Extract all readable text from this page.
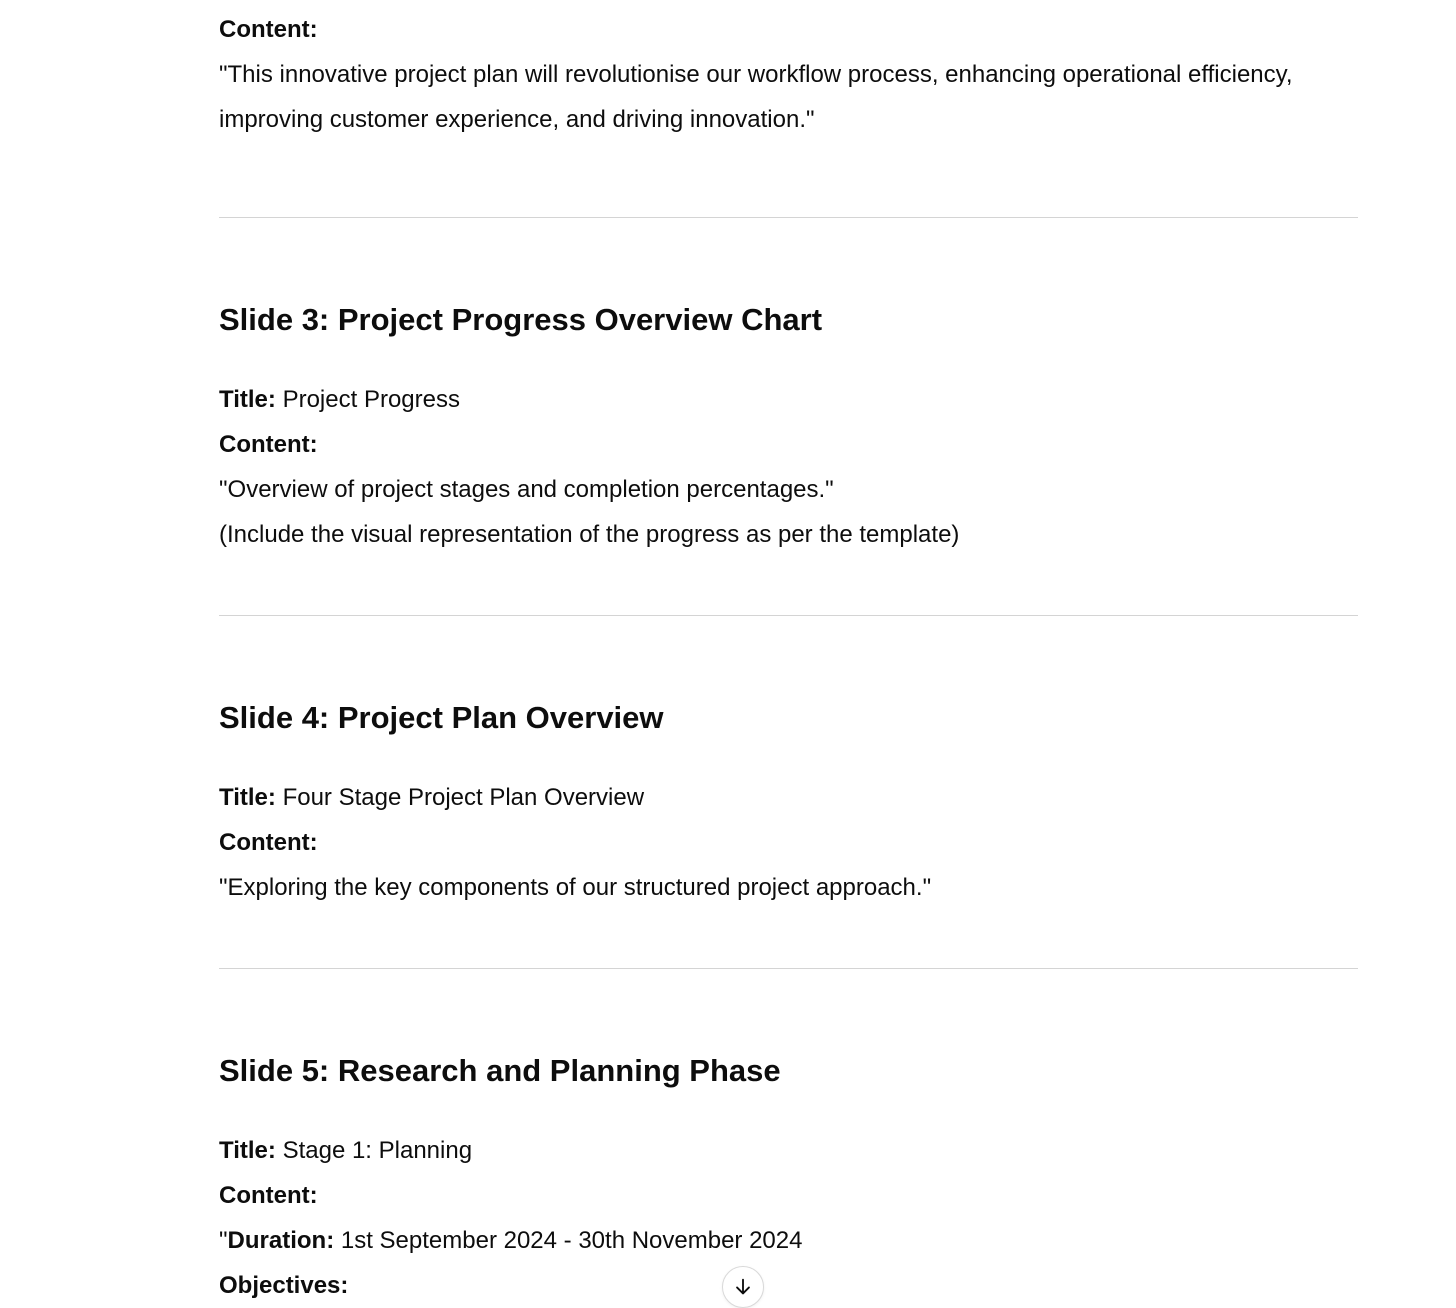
Content:

"This innovative project plan will revolutionise our workflow process, enhancing operational efficiency, improving customer experience, and driving innovation."

Slide 3: Project Progress Overview Chart

Title: Project Progress

Content:

"Overview of project stages and completion percentages."

(Include the visual representation of the progress as per the template)

Slide 4: Project Plan Overview

Title: Four Stage Project Plan Overview

Content:

"Exploring the key components of our structured project approach."

Slide 5: Research and Planning Phase

Title: Stage 1: Planning

Content:

"Duration: 1st September 2024 - 30th November 2024

Objectives:
